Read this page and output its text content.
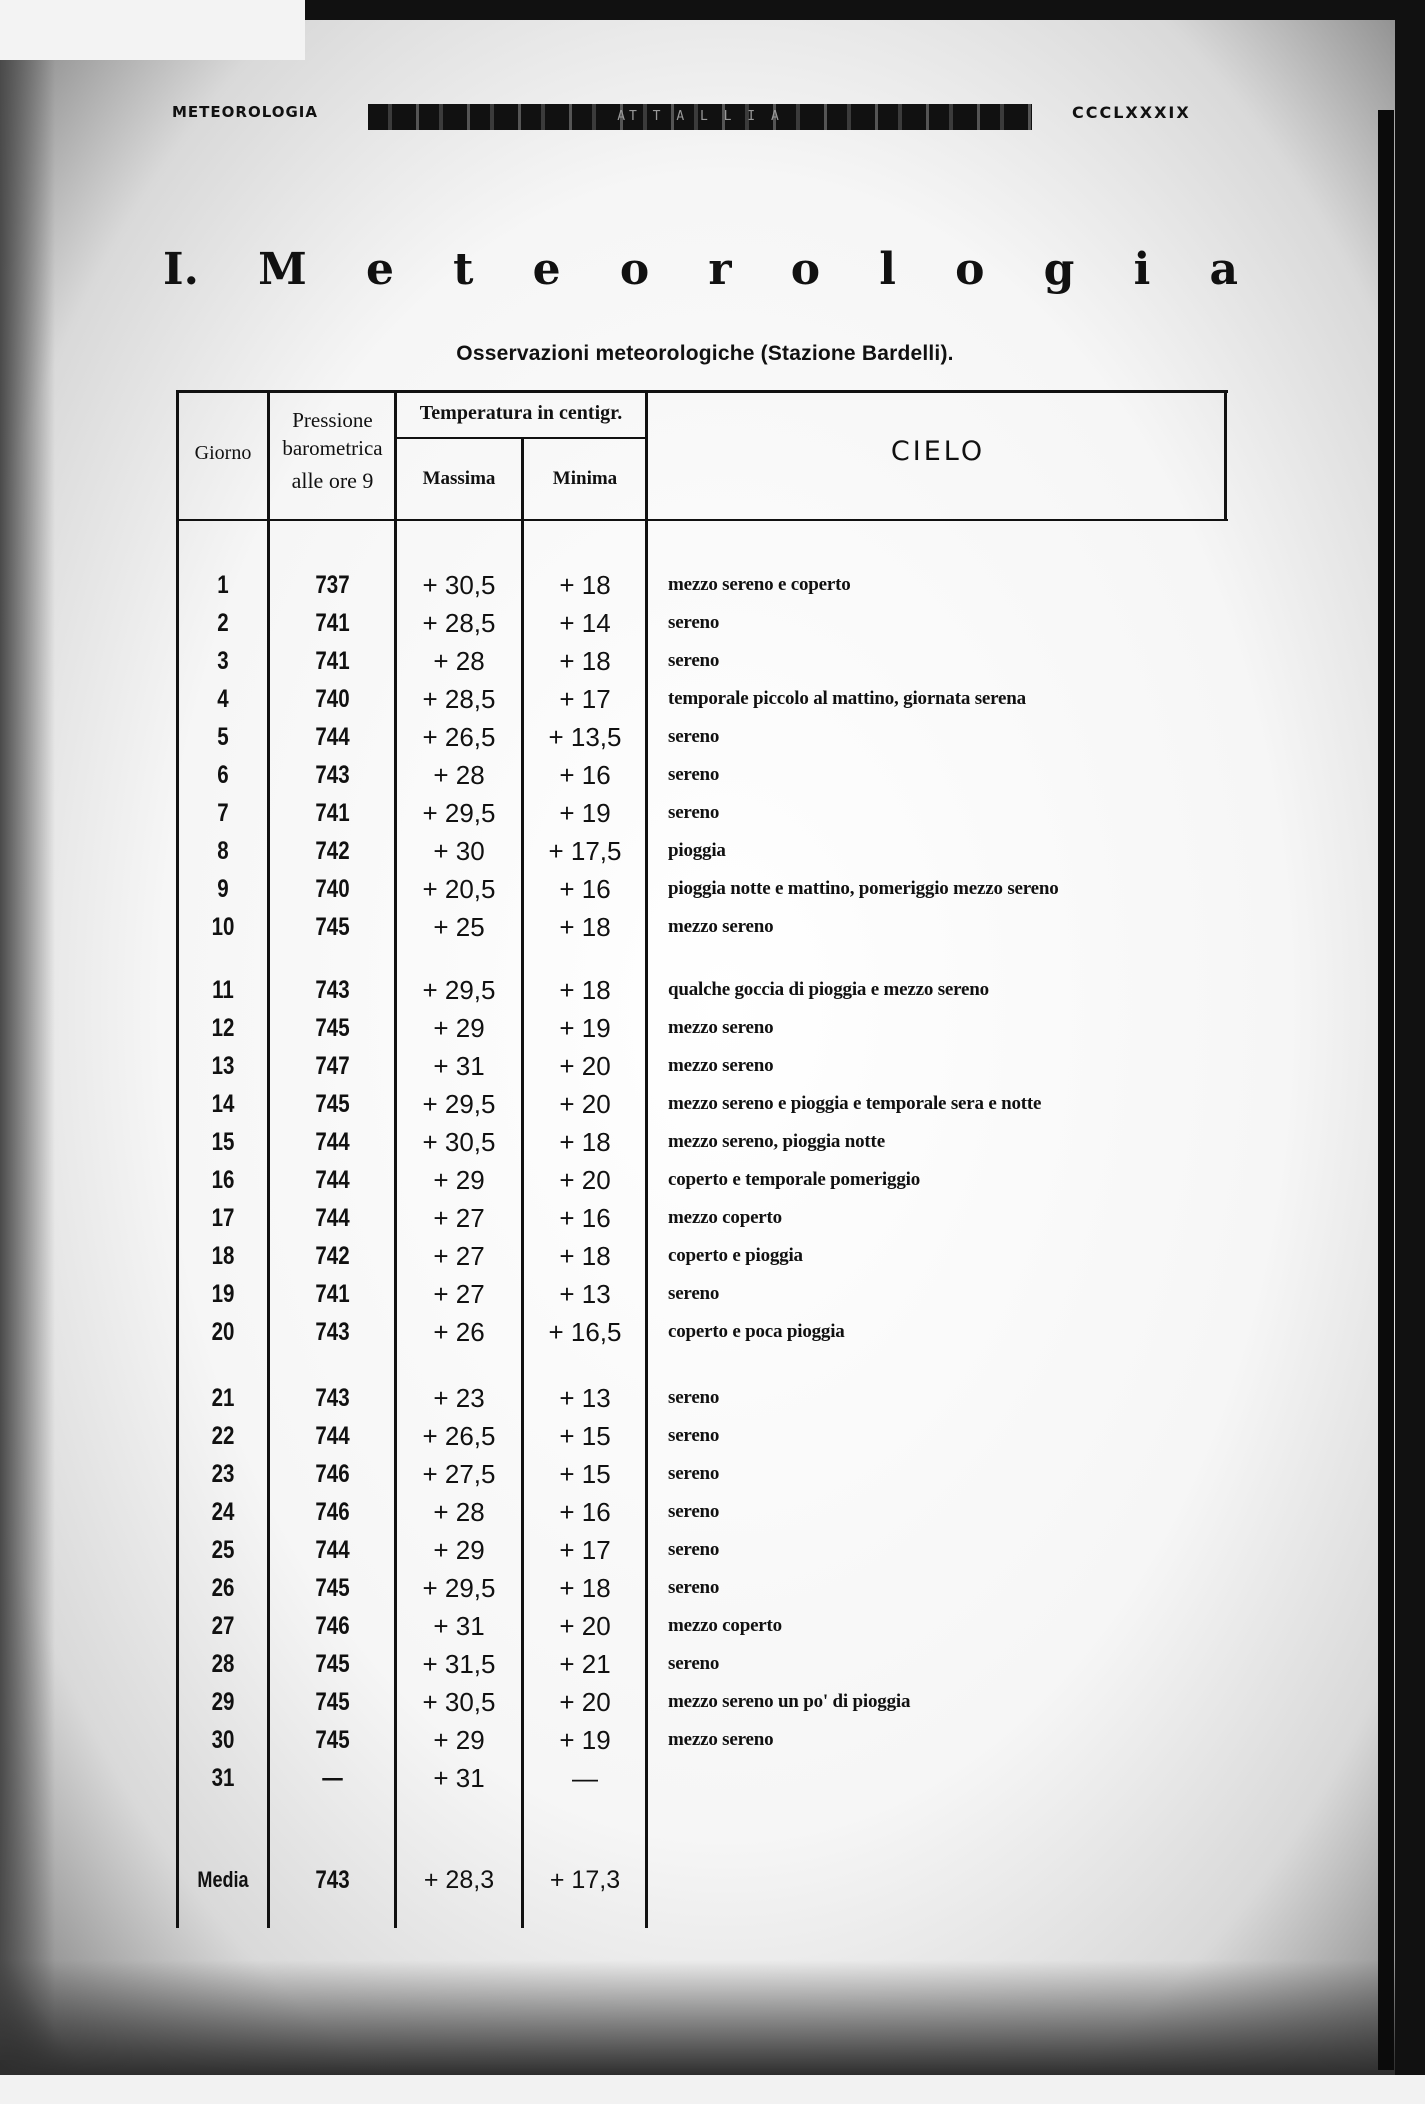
METEOROLOGIA	AT T A L L I A	CCCLXXXIX
I. M e t e o r o l o g i a
Osservazioni meteorologiche (Stazione Bardelli).
Giorno
Pressione
barometrica
alle ore 9
Temperatura in centigr.
Massima	Minima
CIELO
1	737	+ 30,5	+ 18	mezzo sereno e coperto
2	741	+ 28,5	+ 14	sereno
3	741	+ 28	+ 18	sereno
4	740	+ 28,5	+ 17	temporale piccolo al mattino, giornata serena
5	744	+ 26,5	+ 13,5	sereno
6	743	+ 28	+ 16	sereno
7	741	+ 29,5	+ 19	sereno
8	742	+ 30	+ 17,5	pioggia
9	740	+ 20,5	+ 16	pioggia notte e mattino, pomeriggio mezzo sereno
10	745	+ 25	+ 18	mezzo sereno
11	743	+ 29,5	+ 18	qualche goccia di pioggia e mezzo sereno
12	745	+ 29	+ 19	mezzo sereno
13	747	+ 31	+ 20	mezzo sereno
14	745	+ 29,5	+ 20	mezzo sereno e pioggia e temporale sera e notte
15	744	+ 30,5	+ 18	mezzo sereno, pioggia notte
16	744	+ 29	+ 20	coperto e temporale pomeriggio
17	744	+ 27	+ 16	mezzo coperto
18	742	+ 27	+ 18	coperto e pioggia
19	741	+ 27	+ 13	sereno
20	743	+ 26	+ 16,5	coperto e poca pioggia
21	743	+ 23	+ 13	sereno
22	744	+ 26,5	+ 15	sereno
23	746	+ 27,5	+ 15	sereno
24	746	+ 28	+ 16	sereno
25	744	+ 29	+ 17	sereno
26	745	+ 29,5	+ 18	sereno
27	746	+ 31	+ 20	mezzo coperto
28	745	+ 31,5	+ 21	sereno
29	745	+ 30,5	+ 20	mezzo sereno un po' di pioggia
30	745	+ 29	+ 19	mezzo sereno
31	—	+ 31	—
Media	743	+ 28,3	+ 17,3
